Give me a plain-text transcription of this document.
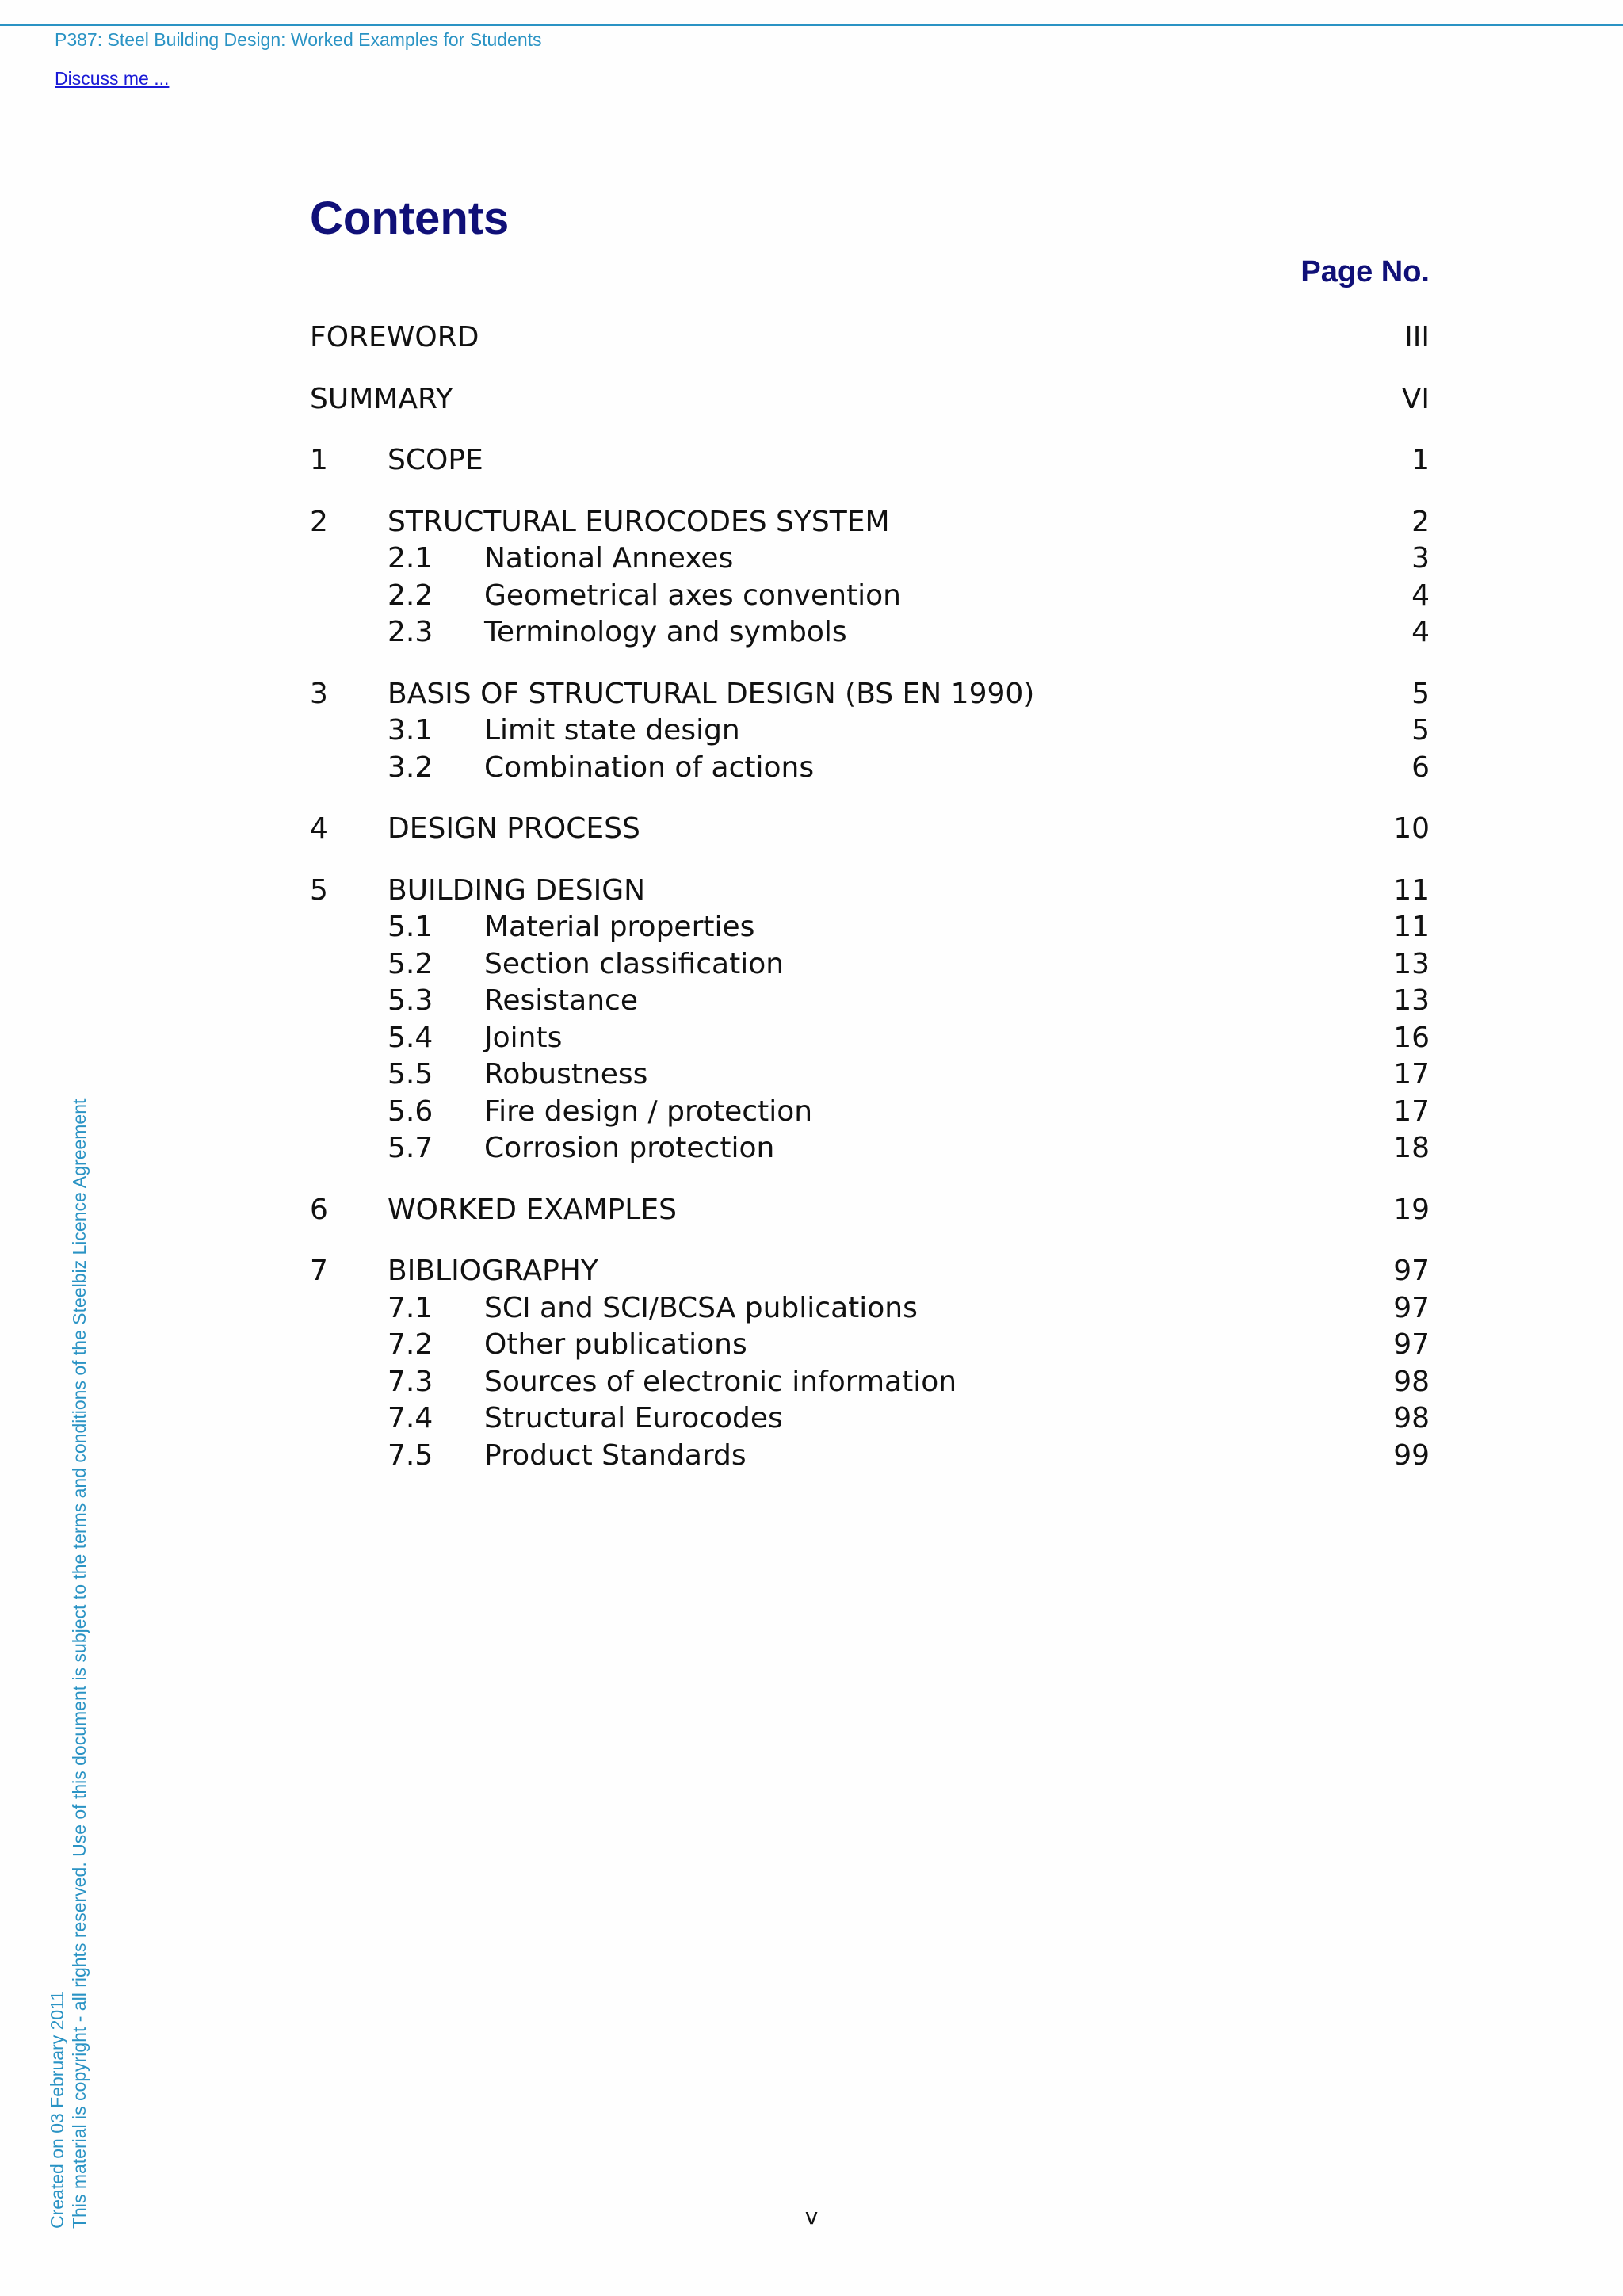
P387: Steel Building Design: Worked Examples for Students
Discuss me ...
Contents
Page No.
FOREWORD	III
SUMMARY	VI
1 SCOPE	1
2 STRUCTURAL EUROCODES SYSTEM	2
2.1 National Annexes	3
2.2 Geometrical axes convention	4
2.3 Terminology and symbols	4
3 BASIS OF STRUCTURAL DESIGN (BS EN 1990)	5
3.1 Limit state design	5
3.2 Combination of actions	6
4 DESIGN PROCESS	10
5 BUILDING DESIGN	11
5.1 Material properties	11
5.2 Section classification	13
5.3 Resistance	13
5.4 Joints	16
5.5 Robustness	17
5.6 Fire design / protection	17
5.7 Corrosion protection	18
6 WORKED EXAMPLES	19
7 BIBLIOGRAPHY	97
7.1 SCI and SCI/BCSA publications	97
7.2 Other publications	97
7.3 Sources of electronic information	98
7.4 Structural Eurocodes	98
7.5 Product Standards	99
Created on 03 February 2011 This material is copyright - all rights reserved. Use of this document is subject to the terms and conditions of the Steelbiz Licence Agreement	v
